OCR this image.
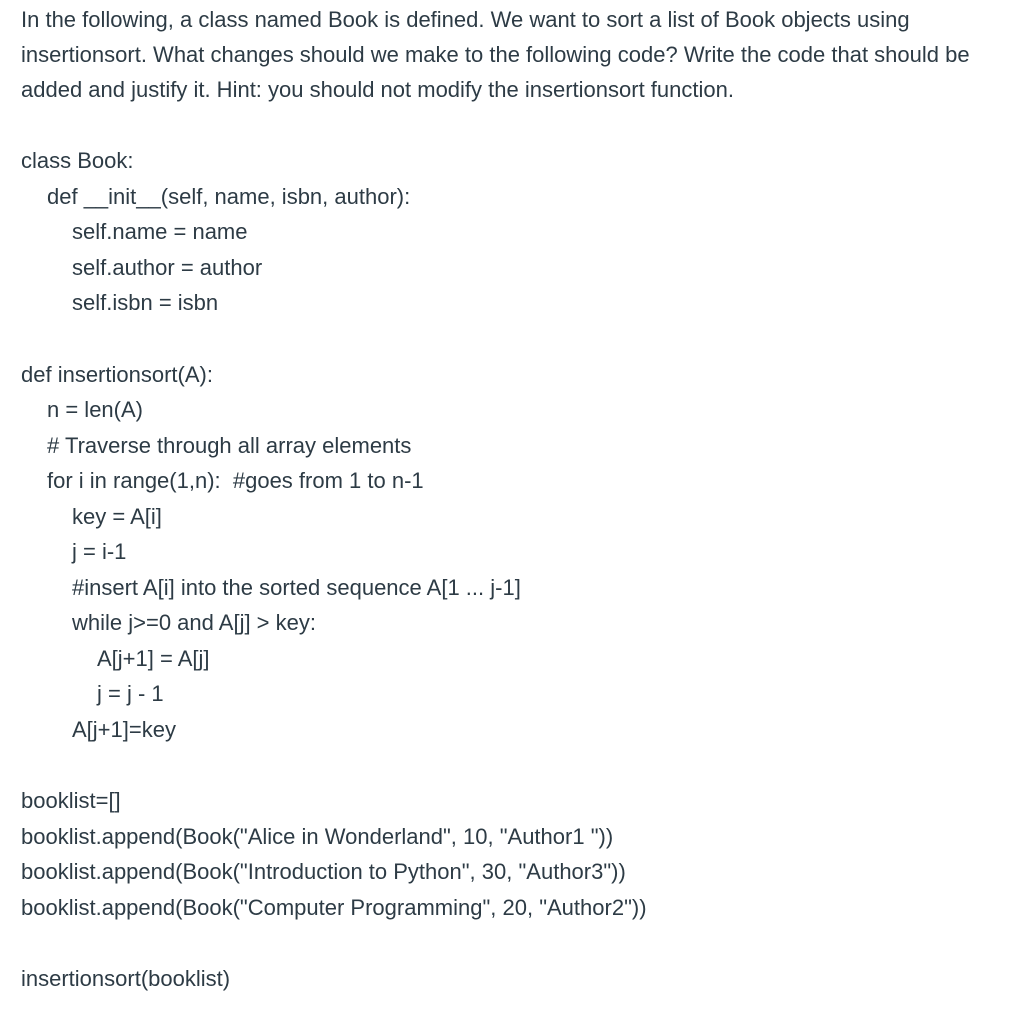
In the following, a class named Book is defined. We want to sort a list of Book objects using insertionsort. What changes should we make to the following code? Write the code that should be added and justify it. Hint: you should not modify the insertionsort function.

class Book:
def __init__(self, name, isbn, author):
self.name = name
self.author = author
self.isbn = isbn
def insertionsort(A):
n = len(A)
# Traverse through all array elements
for i in range(1,n):  #goes from 1 to n-1
key = A[i]
j = i-1
#insert A[i] into the sorted sequence A[1 ... j-1]
while j>=0 and A[j] > key:
A[j+1] = A[j]
j = j - 1
A[j+1]=key
booklist=[]
booklist.append(Book("Alice in Wonderland", 10, "Author1 "))
booklist.append(Book("Introduction to Python", 30, "Author3"))
booklist.append(Book("Computer Programming", 20, "Author2"))
insertionsort(booklist)
